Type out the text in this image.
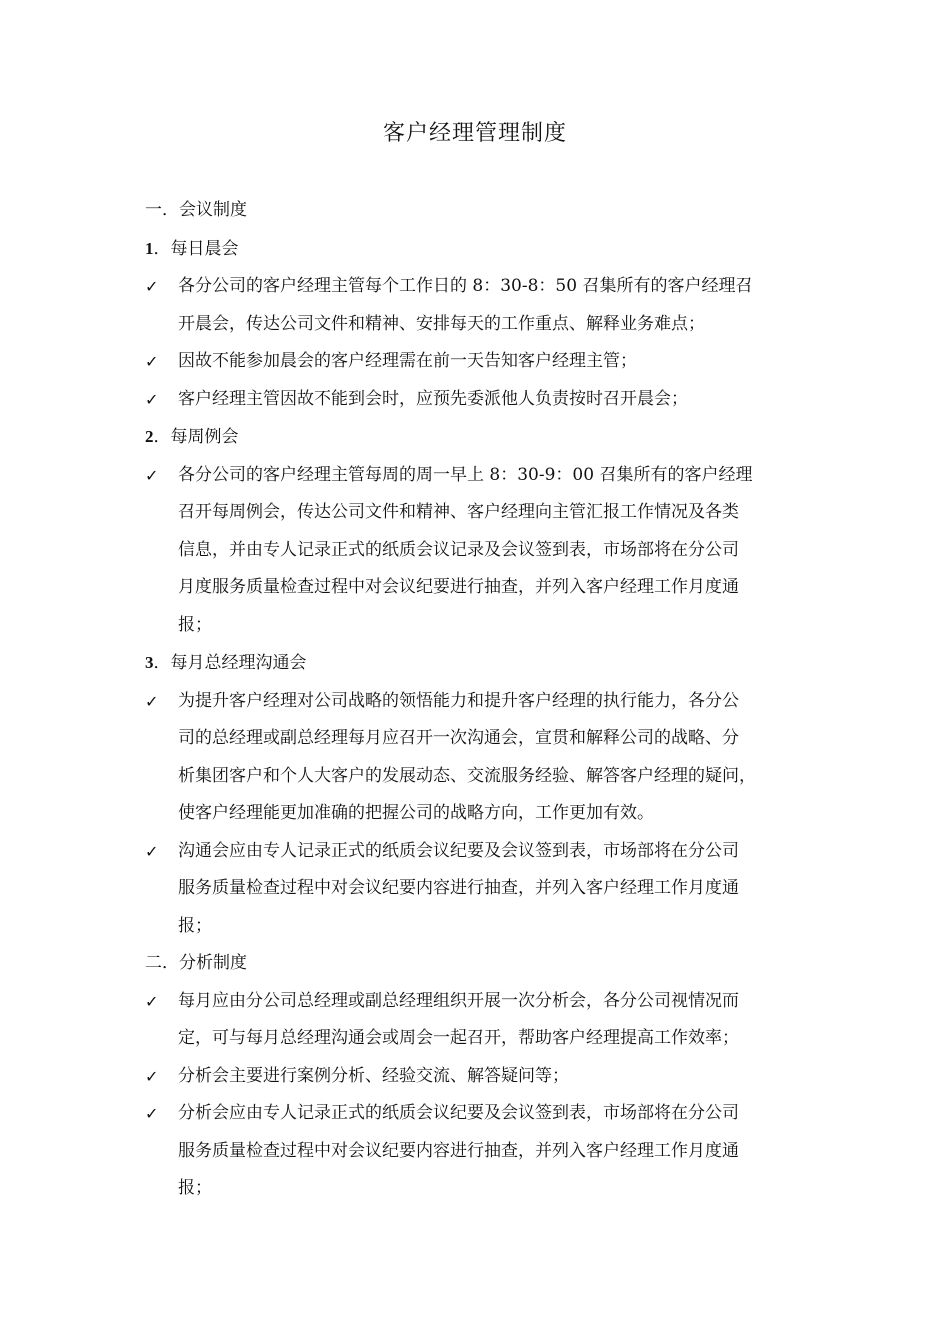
客户经理管理制度
一．会议制度
1．每日晨会
✓ 各分公司的客户经理主管每个工作日的 8：30-8：50 召集所有的客户经理召
开晨会，传达公司文件和精神、安排每天的工作重点、解释业务难点；
✓ 因故不能参加晨会的客户经理需在前一天告知客户经理主管；
✓ 客户经理主管因故不能到会时，应预先委派他人负责按时召开晨会；
2．每周例会
✓ 各分公司的客户经理主管每周的周一早上 8：30-9：00 召集所有的客户经理
召开每周例会，传达公司文件和精神、客户经理向主管汇报工作情况及各类
信息，并由专人记录正式的纸质会议记录及会议签到表，市场部将在分公司
月度服务质量检查过程中对会议纪要进行抽查，并列入客户经理工作月度通
报；
3．每月总经理沟通会
✓ 为提升客户经理对公司战略的领悟能力和提升客户经理的执行能力，各分公
司的总经理或副总经理每月应召开一次沟通会，宣贯和解释公司的战略、分
析集团客户和个人大客户的发展动态、交流服务经验、解答客户经理的疑问，
使客户经理能更加准确的把握公司的战略方向，工作更加有效。
✓ 沟通会应由专人记录正式的纸质会议纪要及会议签到表，市场部将在分公司
服务质量检查过程中对会议纪要内容进行抽查，并列入客户经理工作月度通
报；
二．分析制度
✓ 每月应由分公司总经理或副总经理组织开展一次分析会，各分公司视情况而
定，可与每月总经理沟通会或周会一起召开，帮助客户经理提高工作效率；
✓ 分析会主要进行案例分析、经验交流、解答疑问等；
✓ 分析会应由专人记录正式的纸质会议纪要及会议签到表，市场部将在分公司
服务质量检查过程中对会议纪要内容进行抽查，并列入客户经理工作月度通
报；
